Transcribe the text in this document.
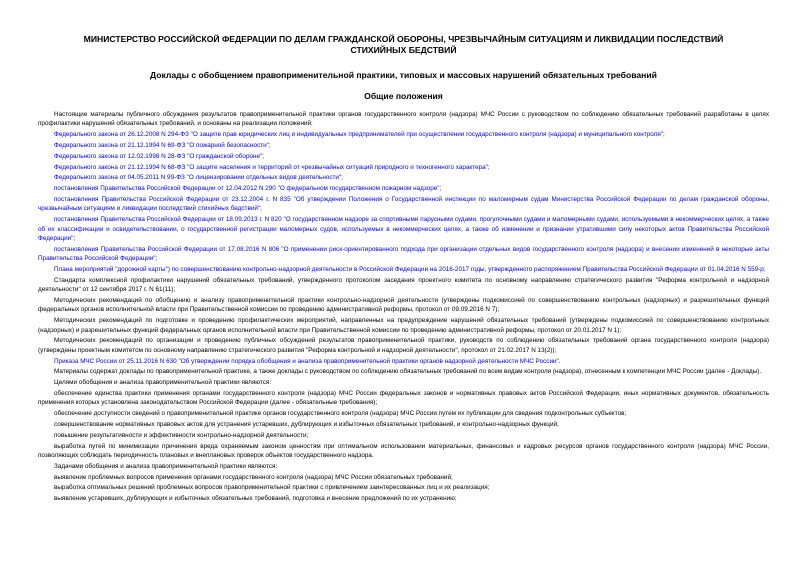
МИНИСТЕРСТВО РОССИЙСКОЙ ФЕДЕРАЦИИ ПО ДЕЛАМ ГРАЖДАНСКОЙ ОБОРОНЫ, ЧРЕЗВЫЧАЙНЫМ СИТУАЦИЯМ И ЛИКВИДАЦИИ ПОСЛЕДСТВИЙ СТИХИЙНЫХ БЕДСТВИЙ
Доклады с обобщением правоприменительной практики, типовых и массовых нарушений обязательных требований
Общие положения
Настоящие материалы публичного обсуждения результатов правоприменительной практики органов государственного контроля (надзора) МЧС России с руководством по соблюдению обязательных требований разработаны в целях профилактики нарушений обязательных требований, и основаны на реализации положений:
Федерального закона от 26.12.2008 N 294-ФЗ "О защите прав юридических лиц и индивидуальных предпринимателей при осуществлении государственного контроля (надзора) и муниципального контроля";
Федерального закона от 21.12.1994 N 69-ФЗ "О пожарной безопасности";
Федерального закона от 12.02.1998 N 28-ФЗ "О гражданской обороне";
Федерального закона от 21.12.1994 N 68-ФЗ "О защите населения и территорий от чрезвычайных ситуаций природного и техногенного характера";
Федерального закона от 04.05.2011 N 99-ФЗ "О лицензировании отдельных видов деятельности";
постановления Правительства Российской Федерации от 12.04.2012 N 290 "О федеральном государственном пожарном надзоре";
постановления Правительства Российской Федерации от 23.12.2004 г. N 835 "Об утверждении Положения о Государственной инспекции по маломерным судам Министерства Российской Федерации по делам гражданской обороны, чрезвычайным ситуациям и ликвидации последствий стихийных бедствий";
постановления Правительства Российской Федерации от 18.09.2013 г. N 820 "О государственном надзоре за спортивными парусными судами, прогулочными судами и маломерными судами, используемыми в некоммерческих целях, а также об их классификации и освидетельствовании, о государственной регистрации маломерных судов, используемых в некоммерческих целях, а также об изменении и признании утратившими силу некоторых актов Правительства Российской Федерации";
постановления Правительства Российской Федерации от 17.08.2016 N 806 "О применении риск-ориентированного подхода при организации отдельных видов государственного контроля (надзора) и внесении изменений в некоторые акты Правительства Российской Федерации";
Плана мероприятий "дорожной карты") по совершенствованию контрольно-надзорной деятельности в Российской Федерации на 2016-2017 годы, утвержденного распоряжением Правительства Российской Федерации от 01.04.2016 N 559-р;
Стандарта комплексной профилактики нарушений обязательных требований, утвержденного протоколом заседания проектного комитета по основному направлению стратегического развития "Реформа контрольной и надзорной деятельности" от 12 сентября 2017 г. N 61(11);
Методических рекомендаций по обобщению и анализу правоприменительной практики контрольно-надзорной деятельности (утверждены подкомиссией по совершенствованию контрольных (надзорных) и разрешительных функций федеральных органов исполнительной власти при Правительственной комиссии по проведению административной реформы, протокол от 09.09.2016 N 7);
Методических рекомендаций по подготовке и проведению профилактических мероприятий, направленных на предупреждение нарушений обязательных требований (утверждены подкомиссией по совершенствованию контрольных (надзорных) и разрешительных функций федеральных органов исполнительной власти при Правительственной комиссии по проведению административной реформы, протокол от 20.01.2017 N 1);
Методических рекомендаций по организации и проведению публичных обсуждений результатов правоприменительной практики, руководств по соблюдению обязательных требований органа государственного контроля (надзора) (утверждены проектным комитетом по основному направлению стратегического развития "Реформа контрольной и надзорной деятельности", протокол от 21.02.2017 N 13(2));
Приказа МЧС России от 25.11.2016 N 630 "Об утверждении порядка обобщения и анализа правоприменительной практики органов надзорной деятельности МЧС России".
Материалы содержат доклады по правоприменительной практике, а также доклады с руководством по соблюдению обязательных требований по всем видам контроля (надзора), отнесенным к компетенции МЧС России (далее - Доклады).
Целями обобщения и анализа правоприменительной практики являются:
обеспечение единства практики применения органами государственного контроля (надзора) МЧС России федеральных законов и нормативных правовых актов Российской Федерации, иных нормативных документов, обязательность применения которых установлена законодательством Российской Федерации (далее - обязательные требования);
обеспечение доступности сведений о правоприменительной практике органов государственного контроля (надзора) МЧС России путем их публикации для сведения подконтрольных субъектов;
совершенствование нормативных правовых актов для устранения устаревших, дублирующих и избыточных обязательных требований, и контрольно-надзорных функций;
повышение результативности и эффективности контрольно-надзорной деятельности;
выработка путей по минимизации причинения вреда охраняемым законом ценностям при оптимальном использовании материальных, финансовых и кадровых ресурсов органов государственного контроля (надзора) МЧС России, позволяющих соблюдать периодичность плановых и внеплановых проверок объектов государственного надзора.
Задачами обобщения и анализа правоприменительной практики являются:
выявление проблемных вопросов применения органами государственного контроля (надзора) МЧС России обязательных требований;
выработка оптимальных решений проблемных вопросов правоприменительной практики с привлечением заинтересованных лиц и их реализация;
выявление устаревших, дублирующих и избыточных обязательных требований, подготовка и внесение предложений по их устранению;
